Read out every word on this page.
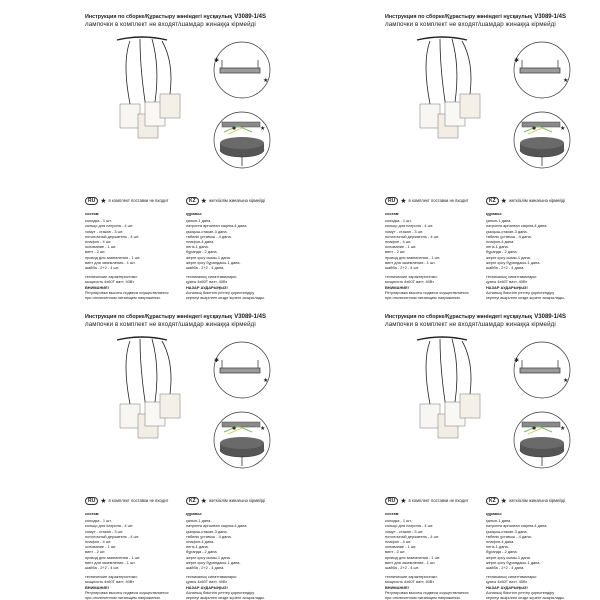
Инструкция по сборке/Құрастыру жөніндегі нұсқаулық V3089-1/4S
лампочки в комплект не входят/шамдар жинаққа кірмейді
✱
★
★
✱
RU ★ в комплект поставки не входит	KZ ★ жеткізілім жинағына кірмейді
состав:
колодка - 1 шт.
кольцо для патрона - 4 шт.
хомут - стакан - 3 шт.
потолочный держатель - 4 шт.
плафон - 4 шт.
основание - 1 шт.
винт - 2 шт.
провод для заземления - 1 шт.
винт для заземления - 1 шт.
шайба - 2+2 - 4 шт.
технические характеристики:
мощность 4х60Т ватт, 40Вт
ВНИМАНИЕ!
Регулировка высоты подвеса осуществляется
при отключенном питающем напряжении.
құрамы:
қалып-1 дана.
патронға арналған сақина-4 дана.
қысқыш-стакан-3 дана.
төбелік ұстағыш - 4 дана.
плафон-4 дана.
негіз-1 дана.
бұранда - 2 дана.
жерге қосу сымы-1 дана.
жерге қосу бұрандасы-1 дана.
шайба - 2+2 - 4 дана.
техникалық сипаттамалары:
қуаты 4х60Т ватт, 40Вт
НАЗАР АУДАРЫҢЫЗ!
Аспаның биіктігін реттеу қоректендіру
кернеуі өшірілген кезде жүзеге асырылады.
Инструкция по сборке/Құрастыру жөніндегі нұсқаулық V3089-1/4S
лампочки в комплект не входят/шамдар жинаққа кірмейді
✱
★
★
✱
RU ★ в комплект поставки не входит	KZ ★ жеткізілім жинағына кірмейді
состав:
колодка - 1 шт.
кольцо для патрона - 4 шт.
хомут - стакан - 3 шт.
потолочный держатель - 4 шт.
плафон - 4 шт.
основание - 1 шт.
винт - 2 шт.
провод для заземления - 1 шт.
винт для заземления - 1 шт.
шайба - 2+2 - 4 шт.
технические характеристики:
мощность 4х60Т ватт, 40Вт
ВНИМАНИЕ!
Регулировка высоты подвеса осуществляется
при отключенном питающем напряжении.
құрамы:
қалып-1 дана.
патронға арналған сақина-4 дана.
қысқыш-стакан-3 дана.
төбелік ұстағыш - 4 дана.
плафон-4 дана.
негіз-1 дана.
бұранда - 2 дана.
жерге қосу сымы-1 дана.
жерге қосу бұрандасы-1 дана.
шайба - 2+2 - 4 дана.
техникалық сипаттамалары:
қуаты 4х60Т ватт, 40Вт
НАЗАР АУДАРЫҢЫЗ!
Аспаның биіктігін реттеу қоректендіру
кернеуі өшірілген кезде жүзеге асырылады.
Инструкция по сборке/Құрастыру жөніндегі нұсқаулық V3089-1/4S
лампочки в комплект не входят/шамдар жинаққа кірмейді
✱
★
★
✱
RU ★ в комплект поставки не входит	KZ ★ жеткізілім жинағына кірмейді
состав:
колодка - 1 шт.
кольцо для патрона - 4 шт.
хомут - стакан - 3 шт.
потолочный держатель - 4 шт.
плафон - 4 шт.
основание - 1 шт.
винт - 2 шт.
провод для заземления - 1 шт.
винт для заземления - 1 шт.
шайба - 2+2 - 4 шт.
технические характеристики:
мощность 4х60Т ватт, 40Вт
ВНИМАНИЕ!
Регулировка высоты подвеса осуществляется
при отключенном питающем напряжении.
құрамы:
қалып-1 дана.
патронға арналған сақина-4 дана.
қысқыш-стакан-3 дана.
төбелік ұстағыш - 4 дана.
плафон-4 дана.
негіз-1 дана.
бұранда - 2 дана.
жерге қосу сымы-1 дана.
жерге қосу бұрандасы-1 дана.
шайба - 2+2 - 4 дана.
техникалық сипаттамалары:
қуаты 4х60Т ватт, 40Вт
НАЗАР АУДАРЫҢЫЗ!
Аспаның биіктігін реттеу қоректендіру
кернеуі өшірілген кезде жүзеге асырылады.
Инструкция по сборке/Құрастыру жөніндегі нұсқаулық V3089-1/4S
лампочки в комплект не входят/шамдар жинаққа кірмейді
✱
★
★
✱
RU ★ в комплект поставки не входит	KZ ★ жеткізілім жинағына кірмейді
состав:
колодка - 1 шт.
кольцо для патрона - 4 шт.
хомут - стакан - 3 шт.
потолочный держатель - 4 шт.
плафон - 4 шт.
основание - 1 шт.
винт - 2 шт.
провод для заземления - 1 шт.
винт для заземления - 1 шт.
шайба - 2+2 - 4 шт.
технические характеристики:
мощность 4х60Т ватт, 40Вт
ВНИМАНИЕ!
Регулировка высоты подвеса осуществляется
при отключенном питающем напряжении.
құрамы:
қалып-1 дана.
патронға арналған сақина-4 дана.
қысқыш-стакан-3 дана.
төбелік ұстағыш - 4 дана.
плафон-4 дана.
негіз-1 дана.
бұранда - 2 дана.
жерге қосу сымы-1 дана.
жерге қосу бұрандасы-1 дана.
шайба - 2+2 - 4 дана.
техникалық сипаттамалары:
қуаты 4х60Т ватт, 40Вт
НАЗАР АУДАРЫҢЫЗ!
Аспаның биіктігін реттеу қоректендіру
кернеуі өшірілген кезде жүзеге асырылады.
